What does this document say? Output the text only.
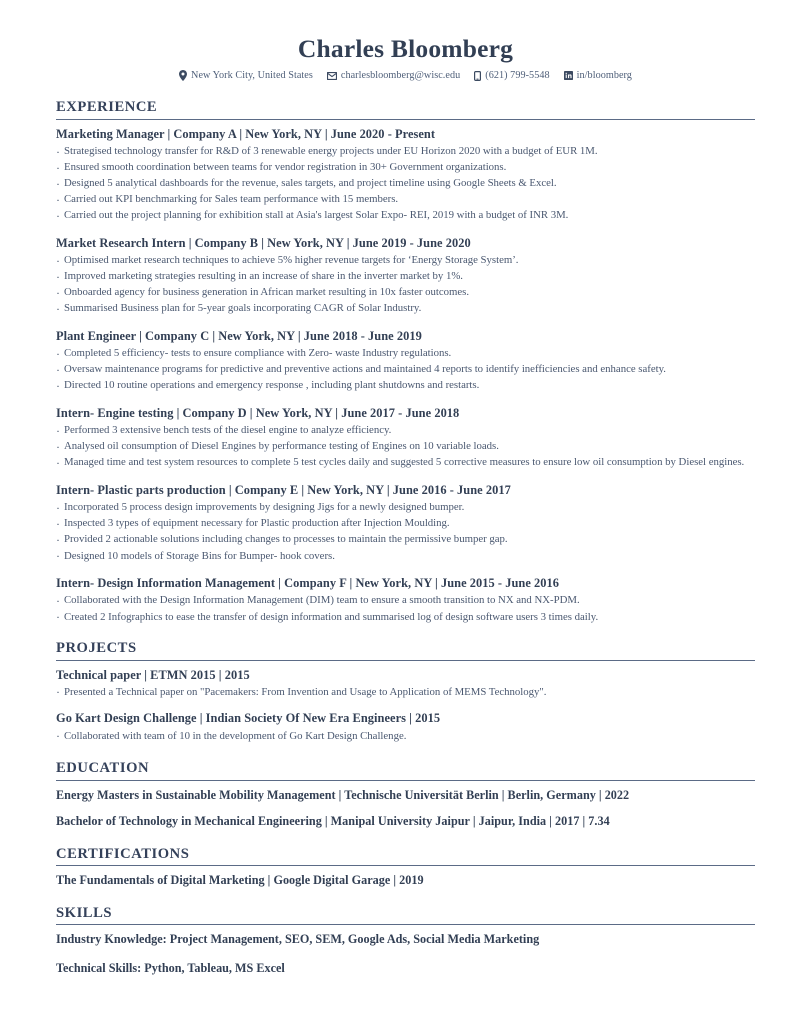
Charles Bloomberg
New York City, United States	charlesbloomberg@wisc.edu (621) 799-5548	in/bloomberg
EXPERIENCE
Marketing Manager | Company A | New York, NY | June 2020 - Present
· Strategised technology transfer for R&D of 3 renewable energy projects under EU Horizon 2020 with a budget of EUR 1M.
· Ensured smooth coordination between teams for vendor registration in 30+ Government organizations.
· Designed 5 analytical dashboards for the revenue, sales targets, and project timeline using Google Sheets & Excel.
· Carried out KPI benchmarking for Sales team performance with 15 members.
· Carried out the project planning for exhibition stall at Asia's largest Solar Expo- REI, 2019 with a budget of INR 3M.
Market Research Intern | Company B | New York, NY | June 2019 - June 2020
· Optimised market research techniques to achieve 5% higher revenue targets for ‘Energy Storage System’.
· Improved marketing strategies resulting in an increase of share in the inverter market by 1%.
· Onboarded agency for business generation in African market resulting in 10x faster outcomes.
· Summarised Business plan for 5-year goals incorporating CAGR of Solar Industry.
Plant Engineer | Company C | New York, NY | June 2018 - June 2019
· Completed 5 efficiency- tests to ensure compliance with Zero- waste Industry regulations.
· Oversaw maintenance programs for predictive and preventive actions and maintained 4 reports to identify inefficiencies and enhance safety.
· Directed 10 routine operations and emergency response , including plant shutdowns and restarts.
Intern- Engine testing | Company D | New York, NY | June 2017 - June 2018
· Performed 3 extensive bench tests of the diesel engine to analyze efficiency.
· Analysed oil consumption of Diesel Engines by performance testing of Engines on 10 variable loads.
· Managed time and test system resources to complete 5 test cycles daily and suggested 5 corrective measures to ensure low oil consumption by Diesel engines.
Intern- Plastic parts production | Company E | New York, NY | June 2016 - June 2017
· Incorporated 5 process design improvements by designing Jigs for a newly designed bumper.
· Inspected 3 types of equipment necessary for Plastic production after Injection Moulding.
· Provided 2 actionable solutions including changes to processes to maintain the permissive bumper gap.
· Designed 10 models of Storage Bins for Bumper- hook covers.
Intern- Design Information Management | Company F | New York, NY | June 2015 - June 2016
· Collaborated with the Design Information Management (DIM) team to ensure a smooth transition to NX and NX-PDM.
· Created 2 Infographics to ease the transfer of design information and summarised log of design software users 3 times daily.
PROJECTS
Technical paper | ETMN 2015 | 2015
· Presented a Technical paper on "Pacemakers: From Invention and Usage to Application of MEMS Technology".
Go Kart Design Challenge | Indian Society Of New Era Engineers | 2015
· Collaborated with team of 10 in the development of Go Kart Design Challenge.
EDUCATION
Energy Masters in Sustainable Mobility Management | Technische Universität Berlin | Berlin, Germany | 2022
Bachelor of Technology in Mechanical Engineering | Manipal University Jaipur | Jaipur, India | 2017 | 7.34
CERTIFICATIONS
The Fundamentals of Digital Marketing | Google Digital Garage | 2019
SKILLS
Industry Knowledge: Project Management, SEO, SEM, Google Ads, Social Media Marketing
Technical Skills: Python, Tableau, MS Excel
